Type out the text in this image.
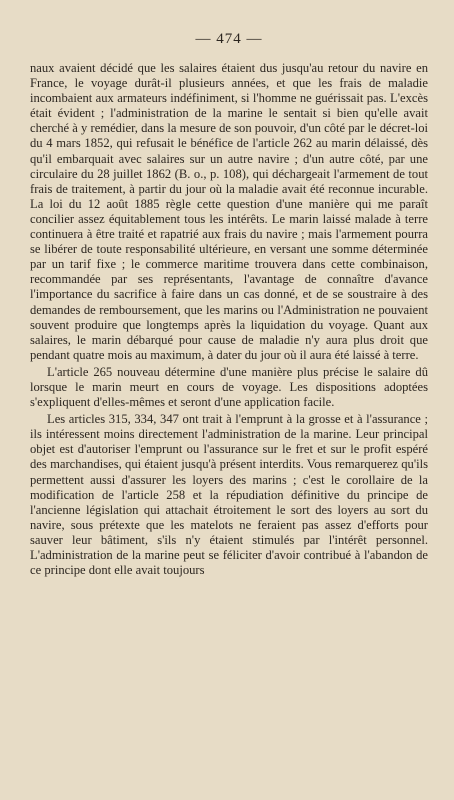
— 474 —

naux avaient décidé que les salaires étaient dus jusqu'au retour du navire en France, le voyage durât-il plusieurs années, et que les frais de maladie incombaient aux armateurs indéfiniment, si l'homme ne guérissait pas. L'excès était évident ; l'administration de la marine le sentait si bien qu'elle avait cherché à y remédier, dans la mesure de son pouvoir, d'un côté par le décret-loi du 4 mars 1852, qui refusait le bénéfice de l'article 262 au marin délaissé, dès qu'il embarquait avec salaires sur un autre navire ; d'un autre côté, par une circulaire du 28 juillet 1862 (B. o., p. 108), qui déchargeait l'armement de tout frais de traitement, à partir du jour où la maladie avait été reconnue incurable. La loi du 12 août 1885 règle cette question d'une manière qui me paraît concilier assez équitablement tous les intérêts. Le marin laissé malade à terre continuera à être traité et rapatrié aux frais du navire ; mais l'armement pourra se libérer de toute responsabilité ultérieure, en versant une somme déterminée par un tarif fixe ; le commerce maritime trouvera dans cette combinaison, recommandée par ses représentants, l'avantage de connaître d'avance l'importance du sacrifice à faire dans un cas donné, et de se soustraire à des demandes de remboursement, que les marins ou l'Administration ne pouvaient souvent produire que longtemps après la liquidation du voyage. Quant aux salaires, le marin débarqué pour cause de maladie n'y aura plus droit que pendant quatre mois au maximum, à dater du jour où il aura été laissé à terre.

L'article 265 nouveau détermine d'une manière plus précise le salaire dû lorsque le marin meurt en cours de voyage. Les dispositions adoptées s'expliquent d'elles-mêmes et seront d'une application facile.

Les articles 315, 334, 347 ont trait à l'emprunt à la grosse et à l'assurance ; ils intéressent moins directement l'administration de la marine. Leur principal objet est d'autoriser l'emprunt ou l'assurance sur le fret et sur le profit espéré des marchandises, qui étaient jusqu'à présent interdits. Vous remarquerez qu'ils permettent aussi d'assurer les loyers des marins ; c'est le corollaire de la modification de l'article 258 et la répudiation définitive du principe de l'ancienne législation qui attachait étroitement le sort des loyers au sort du navire, sous prétexte que les matelots ne feraient pas assez d'efforts pour sauver leur bâtiment, s'ils n'y étaient stimulés par l'intérêt personnel. L'administration de la marine peut se féliciter d'avoir contribué à l'abandon de ce principe dont elle avait toujours
